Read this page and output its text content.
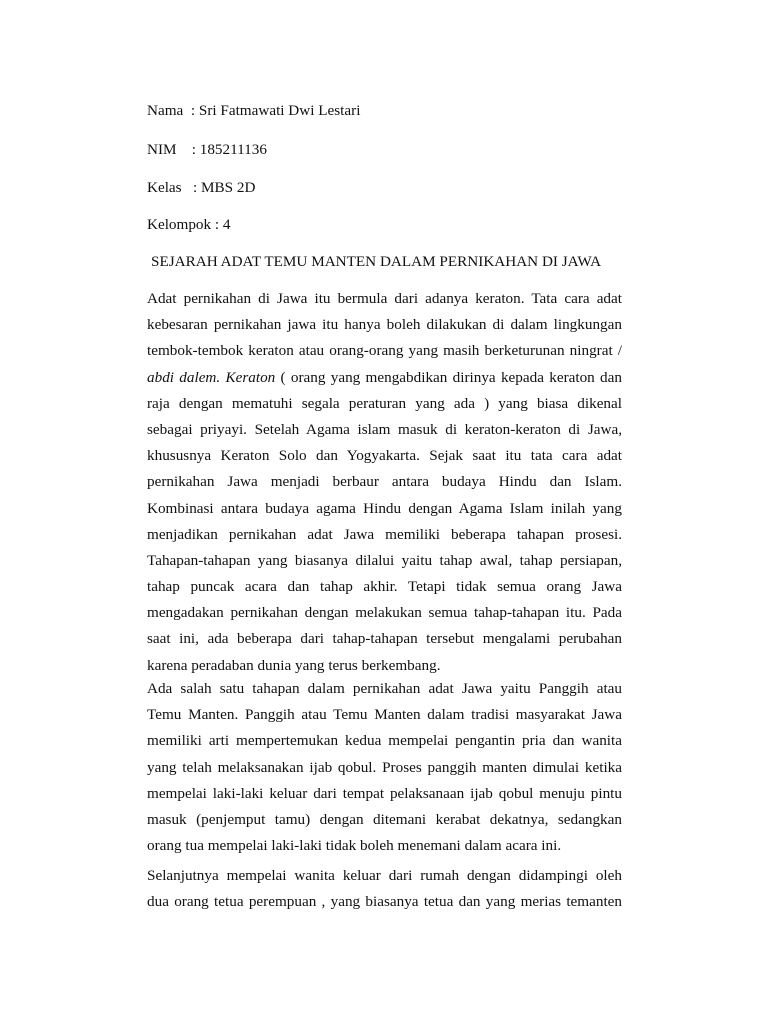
Nama  : Sri Fatmawati Dwi Lestari
NIM    : 185211136
Kelas   : MBS 2D
Kelompok : 4
SEJARAH ADAT TEMU MANTEN DALAM PERNIKAHAN DI JAWA
Adat pernikahan di Jawa itu bermula dari adanya keraton. Tata cara adat
kebesaran pernikahan jawa itu hanya boleh dilakukan di dalam lingkungan
tembok-tembok keraton atau orang-orang yang masih berketurunan ningrat /
abdi dalem. Keraton ( orang yang mengabdikan dirinya kepada keraton dan
raja dengan mematuhi segala peraturan yang ada ) yang biasa dikenal
sebagai priyayi. Setelah Agama islam masuk di keraton-keraton di Jawa,
khususnya Keraton Solo dan Yogyakarta. Sejak saat itu tata cara adat
pernikahan Jawa menjadi berbaur antara budaya Hindu dan Islam.
Kombinasi antara budaya agama Hindu dengan Agama Islam inilah yang
menjadikan pernikahan adat Jawa memiliki beberapa tahapan prosesi.
Tahapan-tahapan yang biasanya dilalui yaitu tahap awal, tahap persiapan,
tahap puncak acara dan tahap akhir. Tetapi tidak semua orang Jawa
mengadakan pernikahan dengan melakukan semua tahap-tahapan itu. Pada
saat ini, ada beberapa dari tahap-tahapan tersebut mengalami perubahan
karena peradaban dunia yang terus berkembang.
Ada salah satu tahapan dalam pernikahan adat Jawa yaitu Panggih atau
Temu Manten. Panggih atau Temu Manten dalam tradisi masyarakat Jawa
memiliki arti mempertemukan kedua mempelai pengantin pria dan wanita
yang telah melaksanakan ijab qobul. Proses panggih manten dimulai ketika
mempelai laki-laki keluar dari tempat pelaksanaan ijab qobul menuju pintu
masuk (penjemput tamu) dengan ditemani kerabat dekatnya, sedangkan
orang tua mempelai laki-laki tidak boleh menemani dalam acara ini.
Selanjutnya mempelai wanita keluar dari rumah dengan didampingi oleh
dua orang tetua perempuan , yang biasanya tetua dan yang merias temanten
